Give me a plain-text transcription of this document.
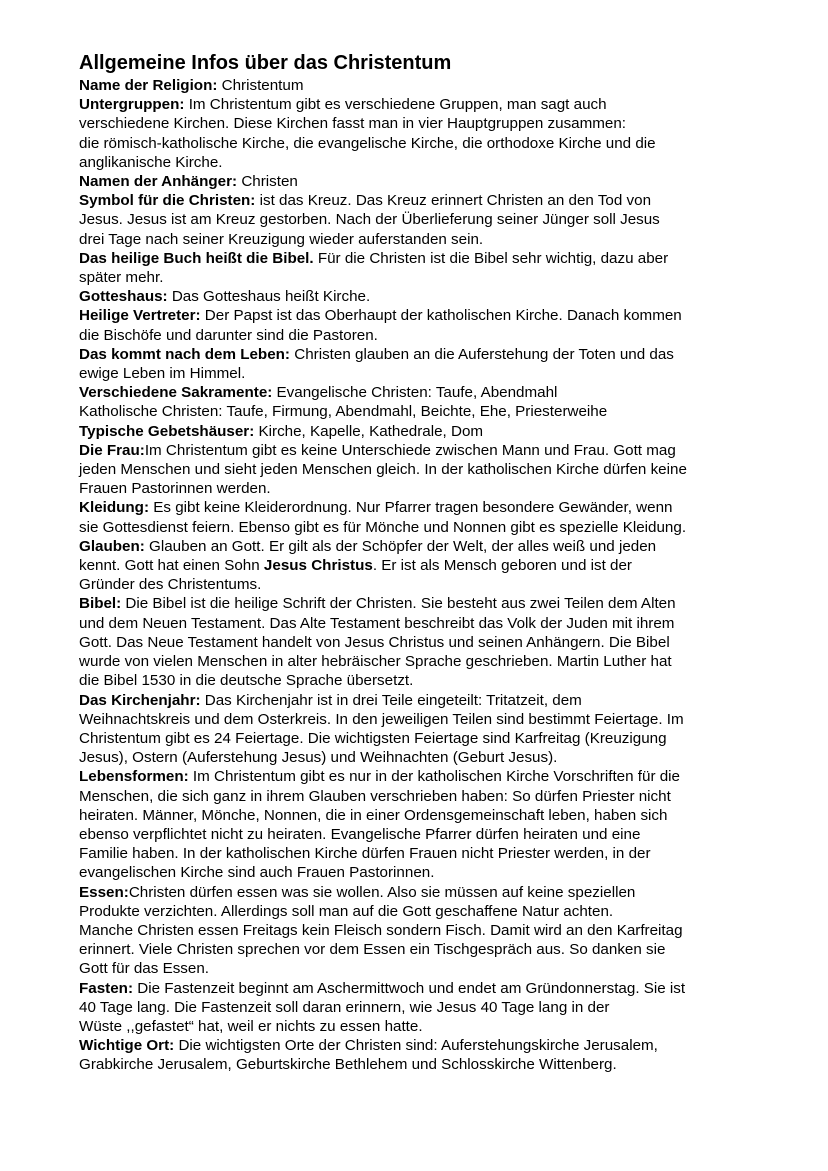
Allgemeine Infos über das Christentum
Name der Religion: Christentum
Untergruppen: Im Christentum gibt es verschiedene Gruppen, man sagt auch
verschiedene Kirchen. Diese Kirchen fasst man in vier Hauptgruppen zusammen:
die römisch-katholische Kirche, die evangelische Kirche, die orthodoxe Kirche und die
anglikanische Kirche.
Namen der Anhänger: Christen
Symbol für die Christen: ist das Kreuz. Das Kreuz erinnert Christen an den Tod von
Jesus. Jesus ist am Kreuz gestorben. Nach der Überlieferung seiner Jünger soll Jesus
drei Tage nach seiner Kreuzigung wieder auferstanden sein.
Das heilige Buch heißt die Bibel. Für die Christen ist die Bibel sehr wichtig, dazu aber
später mehr.
Gotteshaus: Das Gotteshaus heißt Kirche.
Heilige Vertreter: Der Papst ist das Oberhaupt der katholischen Kirche. Danach kommen
die Bischöfe und darunter sind die Pastoren.
Das kommt nach dem Leben: Christen glauben an die Auferstehung der Toten und das
ewige Leben im Himmel.
Verschiedene Sakramente: Evangelische Christen: Taufe, Abendmahl
Katholische Christen: Taufe, Firmung, Abendmahl, Beichte, Ehe, Priesterweihe
Typische Gebetshäuser: Kirche, Kapelle, Kathedrale, Dom
Die Frau:Im Christentum gibt es keine Unterschiede zwischen Mann und Frau. Gott mag
jeden Menschen und sieht jeden Menschen gleich. In der katholischen Kirche dürfen keine
Frauen Pastorinnen werden.
Kleidung: Es gibt keine Kleiderordnung. Nur Pfarrer tragen besondere Gewänder, wenn
sie Gottesdienst feiern. Ebenso gibt es für Mönche und Nonnen gibt es spezielle Kleidung.
Glauben: Glauben an Gott. Er gilt als der Schöpfer der Welt, der alles weiß und jeden
kennt. Gott hat einen Sohn Jesus Christus. Er ist als Mensch geboren und ist der
Gründer des Christentums.
Bibel: Die Bibel ist die heilige Schrift der Christen. Sie besteht aus zwei Teilen dem Alten
und dem Neuen Testament. Das Alte Testament beschreibt das Volk der Juden mit ihrem
Gott. Das Neue Testament handelt von Jesus Christus und seinen Anhängern. Die Bibel
wurde von vielen Menschen in alter hebräischer Sprache geschrieben. Martin Luther hat
die Bibel 1530 in die deutsche Sprache übersetzt.
Das Kirchenjahr: Das Kirchenjahr ist in drei Teile eingeteilt: Tritatzeit, dem
Weihnachtskreis und dem Osterkreis. In den jeweiligen Teilen sind bestimmt Feiertage. Im
Christentum gibt es 24 Feiertage. Die wichtigsten Feiertage sind Karfreitag (Kreuzigung
Jesus), Ostern (Auferstehung Jesus) und Weihnachten (Geburt Jesus).
Lebensformen: Im Christentum gibt es nur in der katholischen Kirche Vorschriften für die
Menschen, die sich ganz in ihrem Glauben verschrieben haben: So dürfen Priester nicht
heiraten. Männer, Mönche, Nonnen, die in einer Ordensgemeinschaft leben, haben sich
ebenso verpflichtet nicht zu heiraten. Evangelische Pfarrer dürfen heiraten und eine
Familie haben. In der katholischen Kirche dürfen Frauen nicht Priester werden, in der
evangelischen Kirche sind auch Frauen Pastorinnen.
Essen:Christen dürfen essen was sie wollen. Also sie müssen auf keine speziellen
Produkte verzichten. Allerdings soll man auf die Gott geschaffene Natur achten.
Manche Christen essen Freitags kein Fleisch sondern Fisch. Damit wird an den Karfreitag
erinnert. Viele Christen sprechen vor dem Essen ein Tischgespräch aus. So danken sie
Gott für das Essen.
Fasten: Die Fastenzeit beginnt am Aschermittwoch und endet am Gründonnerstag. Sie ist
40 Tage lang. Die Fastenzeit soll daran erinnern, wie Jesus 40 Tage lang in der
Wüste ,,gefastet“ hat, weil er nichts zu essen hatte.
Wichtige Ort: Die wichtigsten Orte der Christen sind: Auferstehungskirche Jerusalem,
Grabkirche Jerusalem, Geburtskirche Bethlehem und Schlosskirche Wittenberg.
